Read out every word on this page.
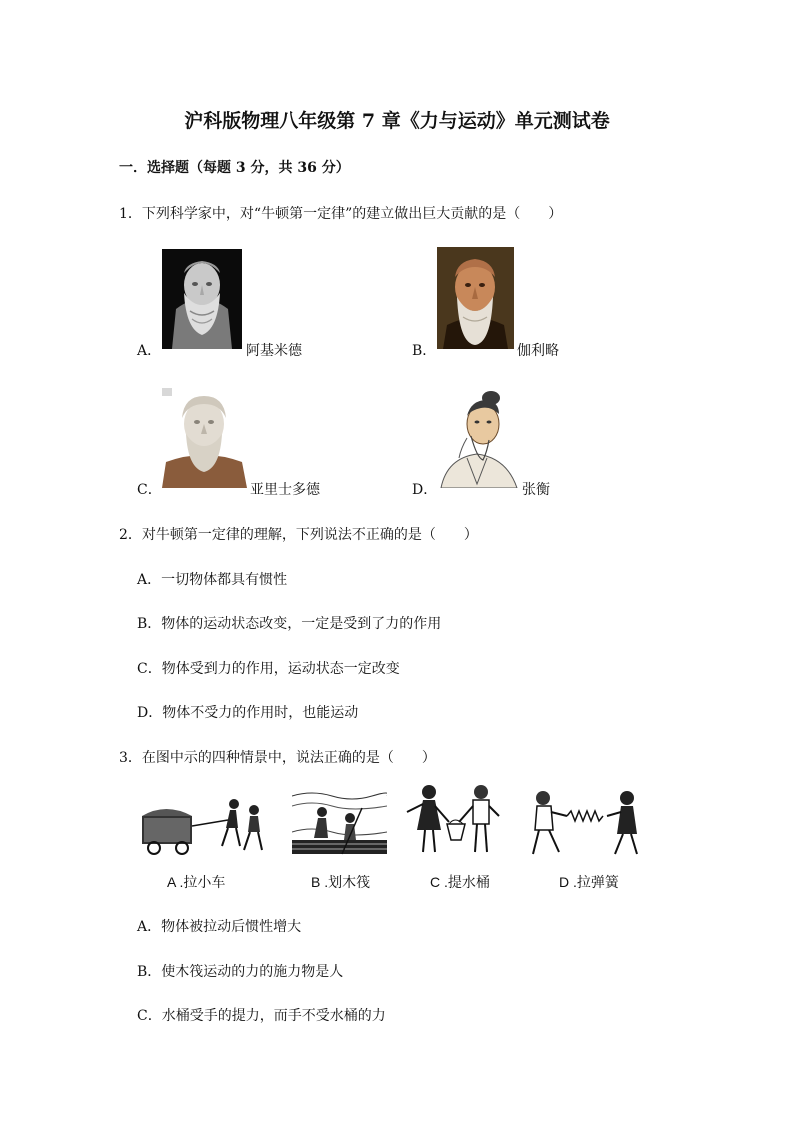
沪科版物理八年级第 7 章《力与运动》单元测试卷
一．选择题（每题 3 分，共 36 分）
1．下列科学家中，对“牛顿第一定律”的建立做出巨大贡献的是（　　）
A．	阿基米德	B．	伽利略
C．	亚里士多德	D．	张衡
2．对牛顿第一定律的理解，下列说法不正确的是（　　）
A．一切物体都具有惯性
B．物体的运动状态改变，一定是受到了力的作用
C．物体受到力的作用，运动状态一定改变
D．物体不受力的作用时，也能运动
3．在图中示的四种情景中，说法正确的是（　　）
A .拉小车	B .划木筏	C .提水桶	D .拉弹簧
A．物体被拉动后惯性增大
B．使木筏运动的力的施力物是人
C．水桶受手的提力，而手不受水桶的力
